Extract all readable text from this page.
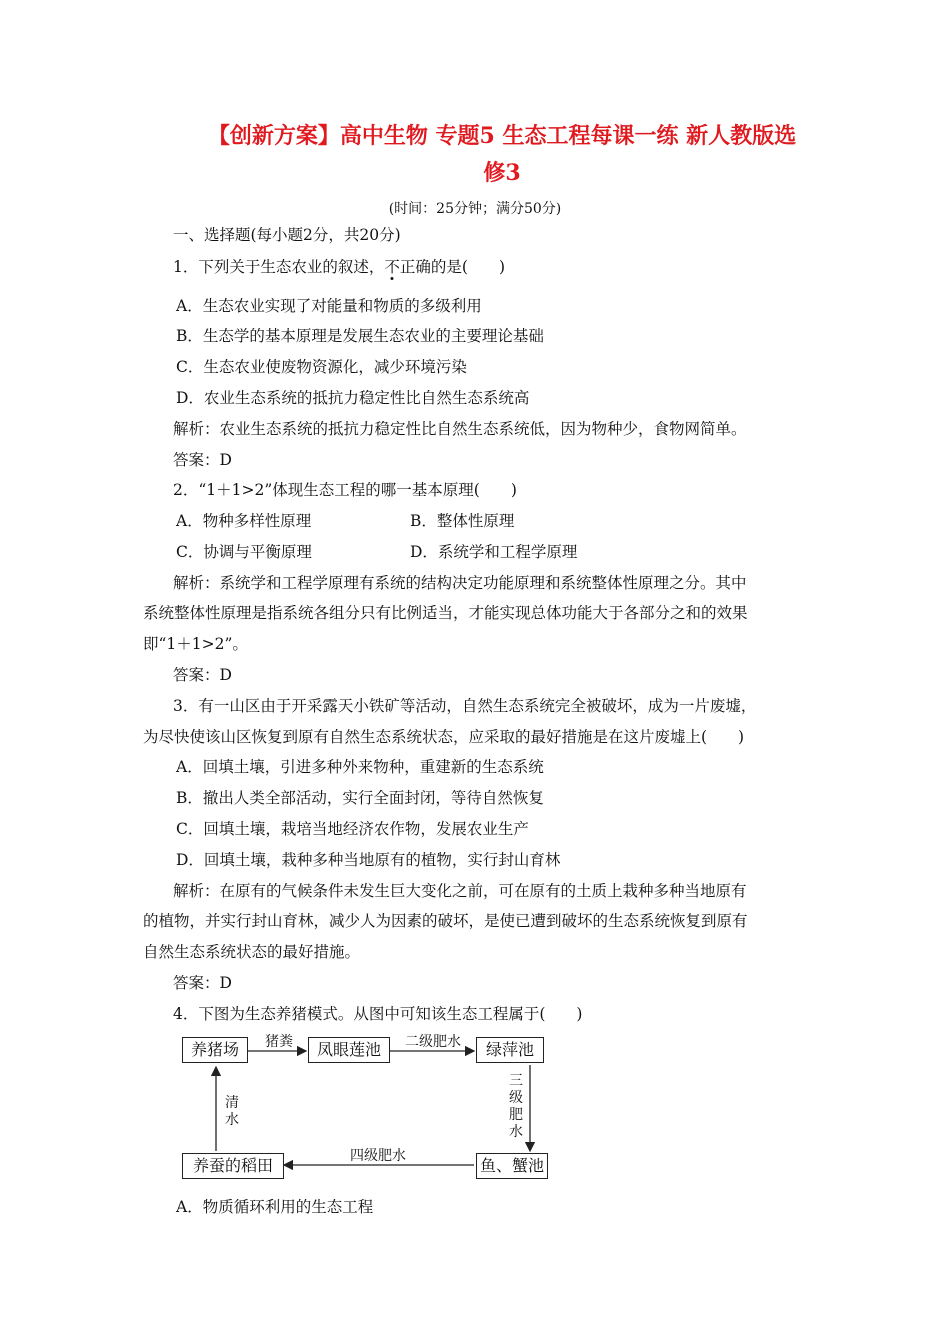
【创新方案】高中生物 专题5 生态工程每课一练 新人教版选
修3
(时间：25分钟；满分50分)
一、选择题(每小题2分，共20分)
1．下列关于生态农业的叙述，不正确的是(　　)
A．生态农业实现了对能量和物质的多级利用
B．生态学的基本原理是发展生态农业的主要理论基础
C．生态农业使废物资源化，减少环境污染
D．农业生态系统的抵抗力稳定性比自然生态系统高
解析：农业生态系统的抵抗力稳定性比自然生态系统低，因为物种少，食物网简单。
答案：D
2．“1＋1>2”体现生态工程的哪一基本原理(　　)
A．物种多样性原理	B．整体性原理
C．协调与平衡原理	D．系统学和工程学原理
解析：系统学和工程学原理有系统的结构决定功能原理和系统整体性原理之分。其中
系统整体性原理是指系统各组分只有比例适当，才能实现总体功能大于各部分之和的效果
即“1＋1>2”。
答案：D
3．有一山区由于开采露天小铁矿等活动，自然生态系统完全被破坏，成为一片废墟，
为尽快使该山区恢复到原有自然生态系统状态，应采取的最好措施是在这片废墟上(　　)
A．回填土壤，引进多种外来物种，重建新的生态系统
B．撤出人类全部活动，实行全面封闭，等待自然恢复
C．回填土壤，栽培当地经济农作物，发展农业生产
D．回填土壤，栽种多种当地原有的植物，实行封山育林
解析：在原有的气候条件未发生巨大变化之前，可在原有的土质上栽种多种当地原有
的植物，并实行封山育林，减少人为因素的破坏，是使已遭到破坏的生态系统恢复到原有
自然生态系统状态的最好措施。
答案：D
4．下图为生态养猪模式。从图中可知该生态工程属于(　　)
养猪场	凤眼莲池	绿萍池
鱼、蟹池
养蚕的稻田
猪粪	二级肥水
四级肥水
三
级
肥
水
清
水
A．物质循环利用的生态工程
